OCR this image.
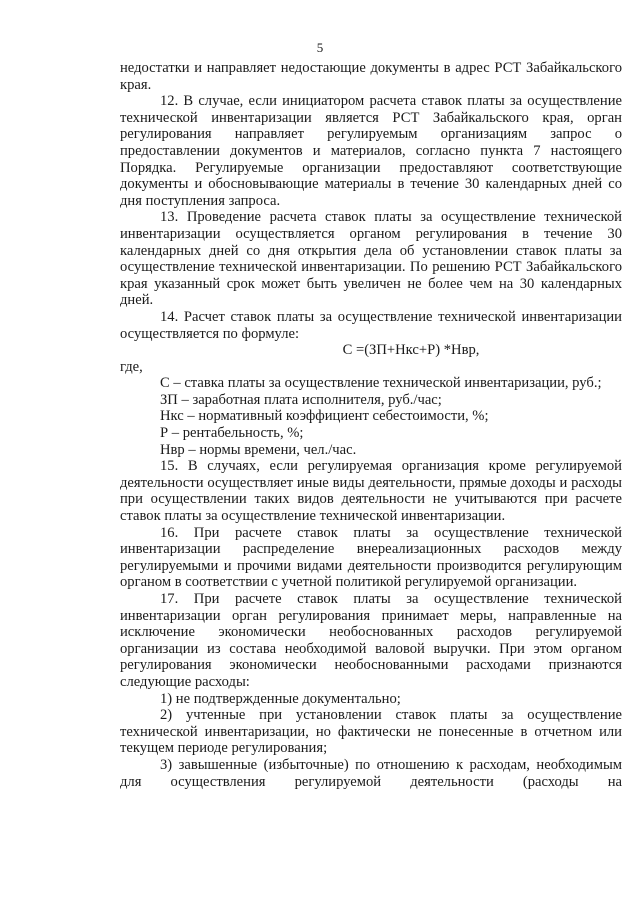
5

недостатки и направляет недостающие документы в адрес РСТ Забайкальского края.

12. В случае, если инициатором расчета ставок платы за осуществление технической инвентаризации является РСТ Забайкальского края, орган регулирования направляет регулируемым организациям запрос о предоставлении документов и материалов, согласно пункта 7 настоящего Порядка. Регулируемые организации предоставляют соответствующие документы и обосновывающие материалы в течение 30 календарных дней со дня поступления запроса.

13. Проведение расчета ставок платы за осуществление технической инвентаризации осуществляется органом регулирования в течение 30 календарных дней со дня открытия дела об установлении ставок платы за осуществление технической инвентаризации. По решению РСТ Забайкальского края указанный срок может быть увеличен не более чем на 30 календарных дней.

14. Расчет ставок платы за осуществление технической инвентаризации осуществляется по формуле:

С =(ЗП+Нкс+Р) *Нвр,

где,

С – ставка платы за осуществление технической инвентаризации, руб.;

ЗП – заработная плата исполнителя, руб./час;

Нкс – нормативный коэффициент себестоимости, %;

Р – рентабельность, %;

Нвр – нормы времени, чел./час.

15. В случаях, если регулируемая организация кроме регулируемой деятельности осуществляет иные виды деятельности, прямые доходы и расходы при осуществлении таких видов деятельности не учитываются при расчете ставок платы за осуществление технической инвентаризации.

16. При расчете ставок платы за осуществление технической инвентаризации распределение внереализационных расходов между регулируемыми и прочими видами деятельности производится регулирующим органом в соответствии с учетной политикой регулируемой организации.

17. При расчете ставок платы за осуществление технической инвентаризации орган регулирования принимает меры, направленные на исключение экономически необоснованных расходов регулируемой организации из состава необходимой валовой выручки. При этом органом регулирования экономически необоснованными расходами признаются следующие расходы:

1) не подтвержденные документально;

2) учтенные при установлении ставок платы за осуществление технической инвентаризации, но фактически не понесенные в отчетном или текущем периоде регулирования;

3) завышенные (избыточные) по отношению к расходам, необходимым для осуществления регулируемой деятельности (расходы на
